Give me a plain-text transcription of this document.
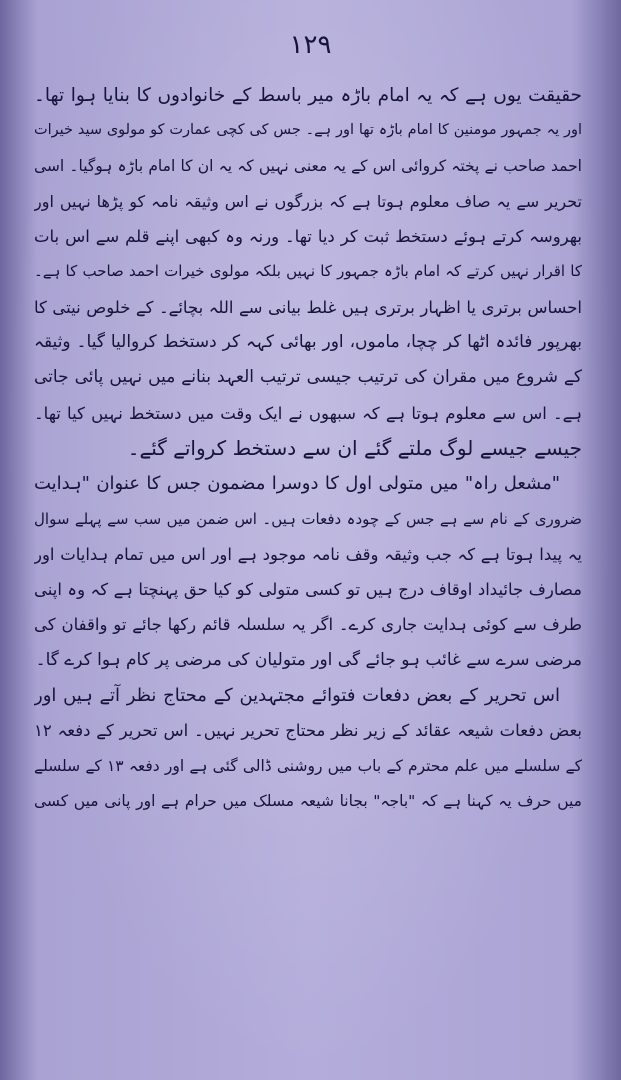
۱۲۹
حقیقت یوں ہے کہ یہ امام باڑہ میر باسط کے خانوادوں کا بنایا ہوا تھا۔
اور یہ جمہور مومنین کا امام باڑہ تھا اور ہے۔ جس کی کچی عمارت کو مولوی سید خیرات
احمد صاحب نے پختہ کروائی اس کے یہ معنی نہیں کہ یہ ان کا امام باڑہ ہوگیا۔ اسی
تحریر سے یہ صاف معلوم ہوتا ہے کہ بزرگوں نے اس وثیقہ نامہ کو پڑھا نہیں اور
بھروسہ کرتے ہوئے دستخط ثبت کر دیا تھا۔ ورنہ وہ کبھی اپنے قلم سے اس بات
کا اقرار نہیں کرتے کہ امام باڑہ جمہور کا نہیں بلکہ مولوی خیرات احمد صاحب کا ہے۔
احساس برتری یا اظہار برتری ہیں غلط بیانی سے اللہ بچائے۔ کے خلوص نیتی کا
بھرپور فائدہ اٹھا کر چچا، ماموں، اور بھائی کہہ کر دستخط کروالیا گیا۔ وثیقہ
کے شروع میں مقران کی ترتیب جیسی ترتیب العہد بنانے میں نہیں پائی جاتی
ہے۔ اس سے معلوم ہوتا ہے کہ سبھوں نے ایک وقت میں دستخط نہیں کیا تھا۔
جیسے جیسے لوگ ملتے گئے ان سے دستخط کرواتے گئے۔
"مشعل راہ" میں متولی اول کا دوسرا مضمون جس کا عنوان "ہدایت
ضروری کے نام سے ہے جس کے چودہ دفعات ہیں۔ اس ضمن میں سب سے پہلے سوال
یہ پیدا ہوتا ہے کہ جب وثیقہ وقف نامہ موجود ہے اور اس میں تمام ہدایات اور
مصارف جائیداد اوقاف درج ہیں تو کسی متولی کو کیا حق پہنچتا ہے کہ وہ اپنی
طرف سے کوئی ہدایت جاری کرے۔ اگر یہ سلسلہ قائم رکھا جائے تو واقفان کی
مرضی سرے سے غائب ہو جائے گی اور متولیان کی مرضی پر کام ہوا کرے گا۔
اس تحریر کے بعض دفعات فتوائے مجتہدین کے محتاج نظر آتے ہیں اور
بعض دفعات شیعہ عقائد کے زیر نظر محتاج تحریر نہیں۔ اس تحریر کے دفعہ ۱۲
کے سلسلے میں علم محترم کے باب میں روشنی ڈالی گئی ہے اور دفعہ ۱۳ کے سلسلے
میں حرف یہ کہنا ہے کہ "باجہ" بجانا شیعہ مسلک میں حرام ہے اور پانی میں کسی
